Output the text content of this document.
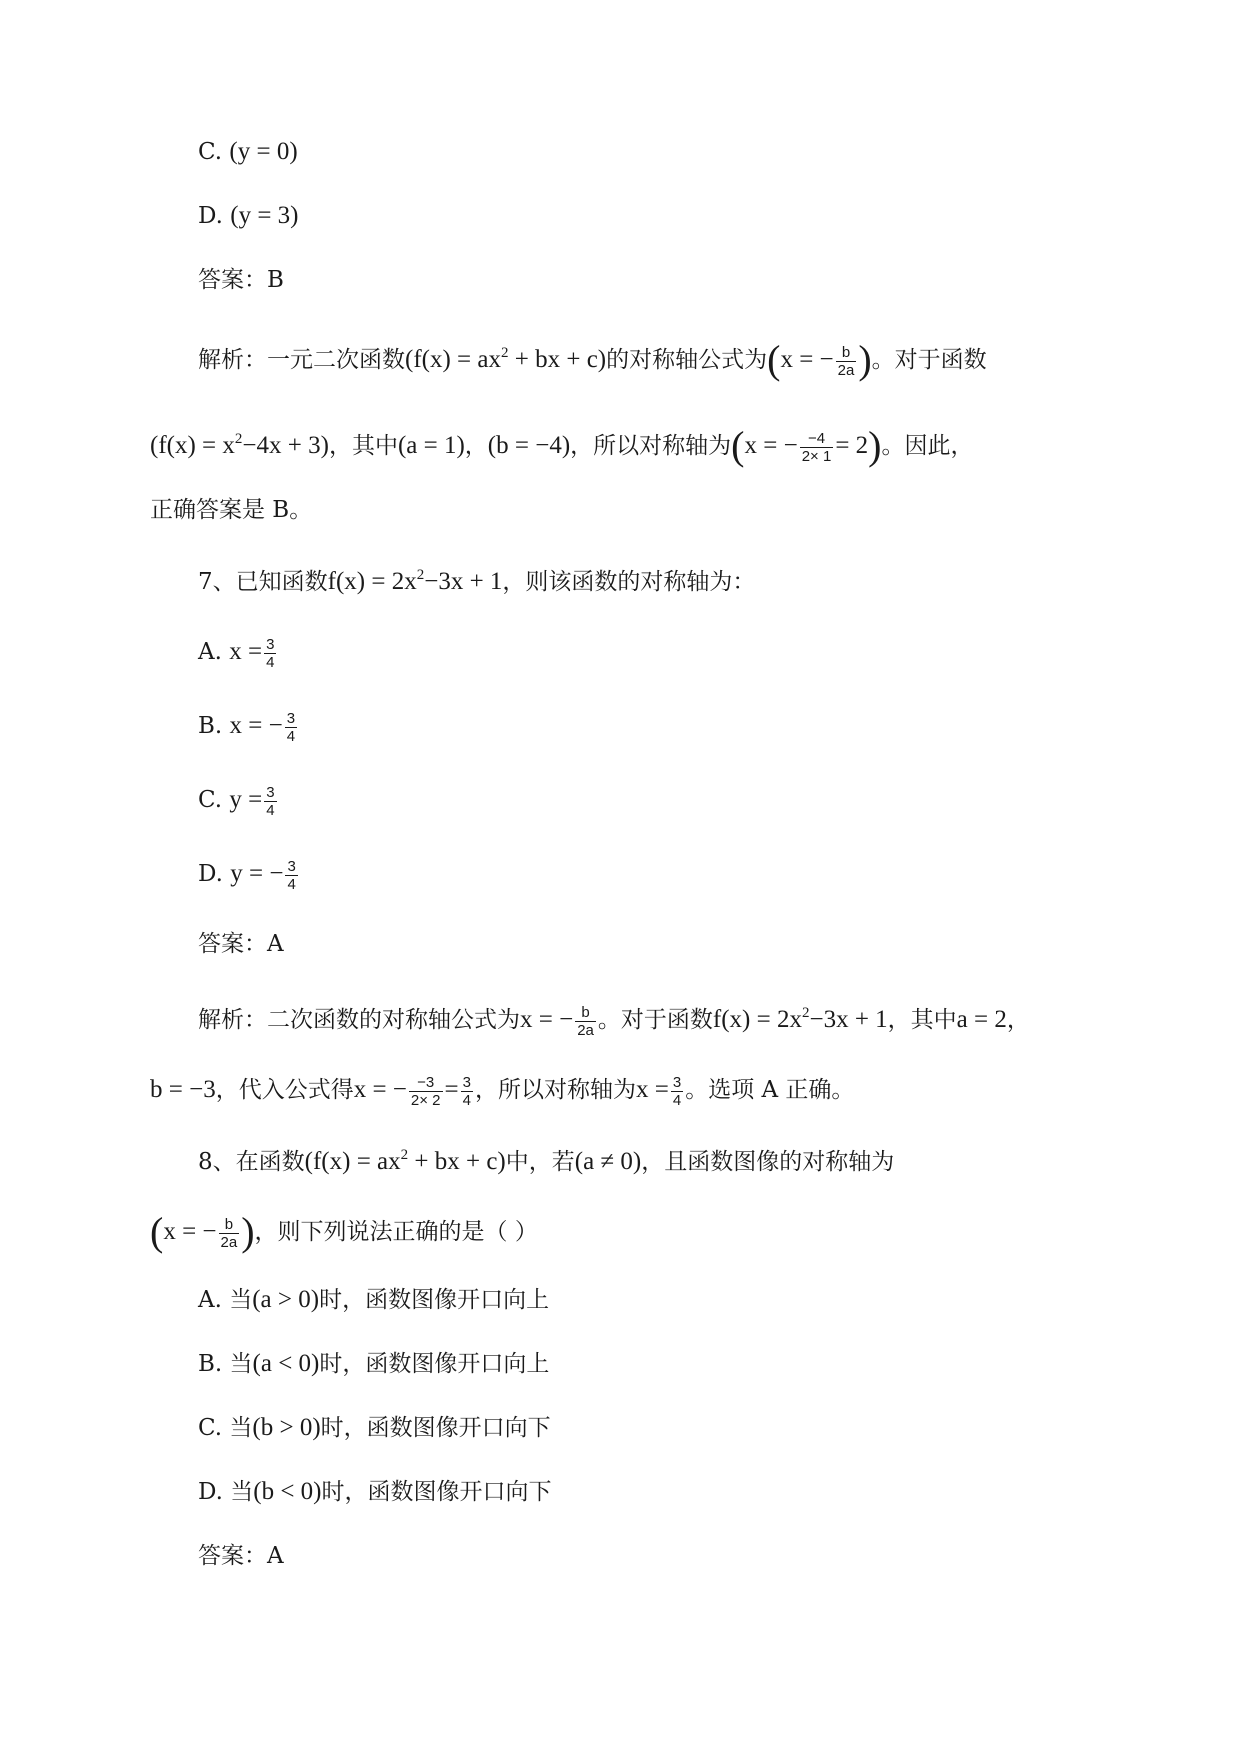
C. (y = 0)
D. (y = 3)
答案：B
解析：一元二次函数($f(x) = ax^2$ + bx + c)的对称轴公式为(x = − $\frac{b}{2a}$ )。对于函数
$(f(x) = x^2-4x + 3)$，其中(a = 1)，(b = −4)，所以对称轴为(x = − $\frac{-4}{2\times 1} = 2$)。因此，
正确答案是 B。
7、已知函数$f(x) = 2x^2-3x + 1$，则该函数的对称轴为：
A. $x = \frac{3}{4}$
B. x = − $\frac{3}{4}$
C. $y = \frac{3}{4}$
D. y = − $\frac{3}{4}$
答案：A
解析：二次函数的对称轴公式为x = − $\frac{b}{2a}$ 。对于函数$f(x) = 2x^2-3x + 1$，其中a = 2，
b = −3，代入公式得x = − $\frac{-3}{2\times 2} = \frac{3}{4}$ ，所以对称轴为$x = \frac{3}{4}$ 。选项 A 正确。
8、在函数($f(x) = ax^2$ + bx + c)中，若(a ≠ 0)，且函数图像的对称轴为
(x = − $\frac{b}{2a}$ )，则下列说法正确的是（ ）
A. 当(a > 0)时，函数图像开口向上
B. 当(a < 0)时，函数图像开口向上
C. 当(b > 0)时，函数图像开口向下
D. 当(b < 0)时，函数图像开口向下
答案：A
